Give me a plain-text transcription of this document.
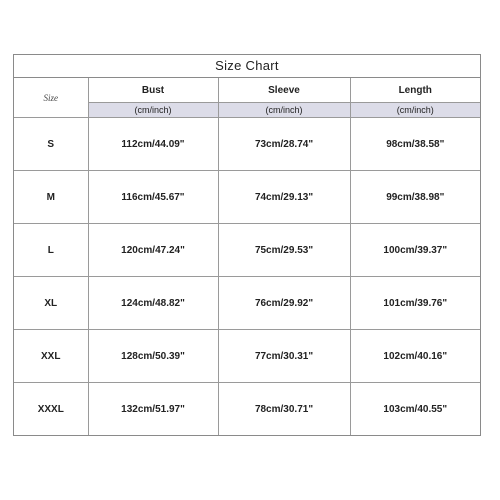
Size Chart
Size	Bust	Sleeve	Length
	(cm/inch)	(cm/inch)	(cm/inch)
S	112cm/44.09"	73cm/28.74"	98cm/38.58"
M	116cm/45.67"	74cm/29.13"	99cm/38.98"
L	120cm/47.24"	75cm/29.53"	100cm/39.37"
XL	124cm/48.82"	76cm/29.92"	101cm/39.76"
XXL	128cm/50.39"	77cm/30.31"	102cm/40.16"
XXXL	132cm/51.97"	78cm/30.71"	103cm/40.55"
